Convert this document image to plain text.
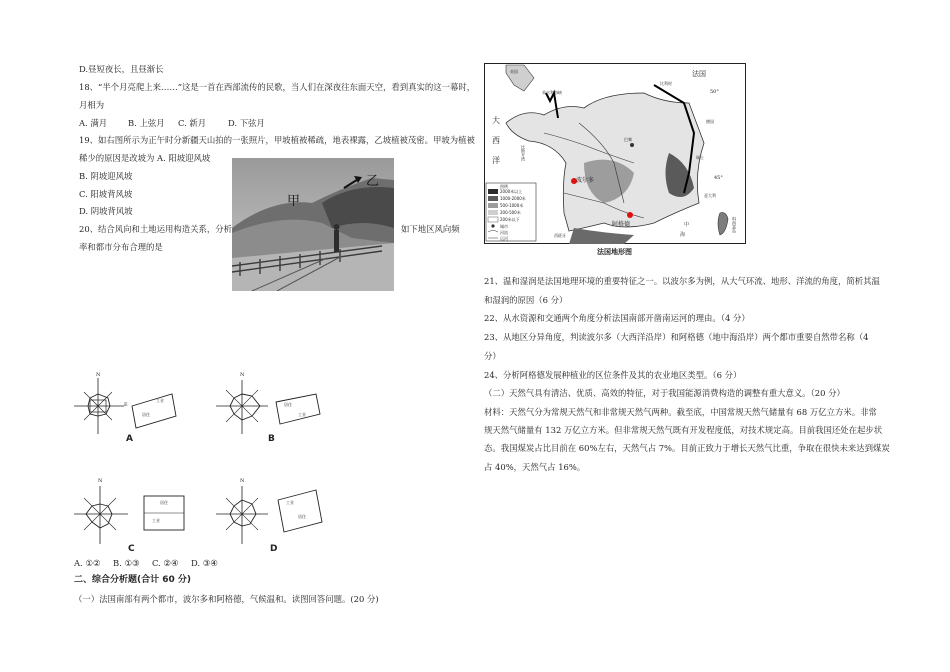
D.昼短夜长，且昼渐长
18、“半个月亮爬上来……”这是一首在西部流传的民歌，当人们在深夜往东面天空，看到真实的这一幕时，
月相为
A. 满月 B. 上弦月 C. 新月	D. 下弦月
19、如右图所示为正午时分新疆天山拍的一张照片，甲坡植被稀疏，地表裸露，乙坡植被茂密。甲坡为植被
稀少的原因是改坡为 A. 阳坡迎风坡
B. 阴坡迎风坡
C. 阳坡背风坡
D. 阴坡背风坡
20、结合风向和土地运用构造关系，分析	如下地区风向频
率和都市分布合理的是
甲
乙
N
E
工业
居住
A
N
居住
工业
B
N
居住
工业
C
N
工业
居住
D
A. ①② B. ①③ C. ②④ D. ③④
二、综合分析题(合计 60 分)
（一）法国南部有两个都市，波尔多和阿格德，气候温和。读图回答问题。(20 分)
法国
法国地形图
大
西
洋
英吉利海峡
比斯开湾
波尔多
阿格德	科西嘉岛
50°
45°
巴黎
英国
比利时
德国
瑞士
意大利
西班牙
中
海
图例
2000米以上
1000-2000米
500-1000米
200-500米
200米以下
城市
河流
运河
21、温和湿润是法国地理环境的重要特征之一。以波尔多为例，从大气环流、地形、洋流的角度，简析其温
和湿润的原因（6 分）
22、从水资源和交通两个角度分析法国南部开凿南运河的理由。（4 分）
23、从地区分异角度，判读波尔多（大西洋沿岸）和阿格德（地中海沿岸）两个都市重要自然带名称（4
分）
24、分析阿格德发展种植业的区位条件及其的农业地区类型。（6 分）
（二）天然气具有清洁、优质、高效的特征，对于我国能源消费构造的调整有重大意义。（20 分）
材料：天然气分为常规天然气和非常规天然气两种。截至底，中国常规天然气储量有 68 万亿立方米。非常
规天然气储量有 132 万亿立方米。但非常规天然气既有开发程度低，对技术规定高。目前我国还处在起步状
态。我国煤炭占比目前在 60%左右，天然气占 7%。目前正致力于增长天然气比重，争取在很快未来达到煤炭
占 40%，天然气占 16%。
